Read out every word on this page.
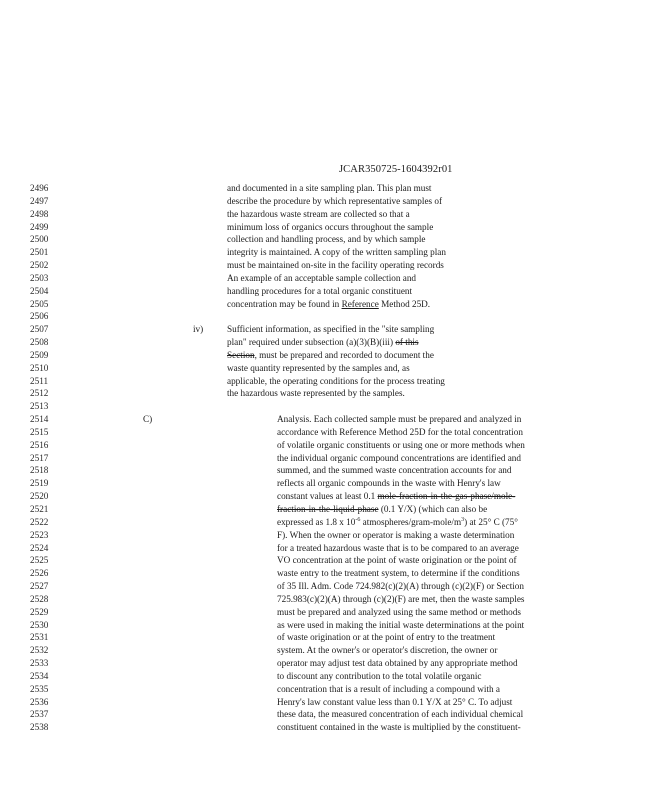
JCAR350725-1604392r01
2496	and documented in a site sampling plan. This plan must
2497	describe the procedure by which representative samples of
2498	the hazardous waste stream are collected so that a
2499	minimum loss of organics occurs throughout the sample
2500	collection and handling process, and by which sample
2501	integrity is maintained. A copy of the written sampling plan
2502	must be maintained on-site in the facility operating records
2503	An example of an acceptable sample collection and
2504	handling procedures for a total organic constituent
2505	concentration may be found in Reference Method 25D.
2506
2507	iv)	Sufficient information, as specified in the "site sampling
2508	plan" required under subsection (a)(3)(B)(iii) of this
2509	Section, must be prepared and recorded to document the
2510	waste quantity represented by the samples and, as
2511	applicable, the operating conditions for the process treating
2512	the hazardous waste represented by the samples.
2513
2514	C)	Analysis. Each collected sample must be prepared and analyzed in
2515	accordance with Reference Method 25D for the total concentration
2516	of volatile organic constituents or using one or more methods when
2517	the individual organic compound concentrations are identified and
2518	summed, and the summed waste concentration accounts for and
2519	reflects all organic compounds in the waste with Henry's law
2520	constant values at least 0.1 mole-fraction-in-the-gas-phase/mole-
2521	fraction-in-the-liquid-phase (0.1 Y/X) (which can also be
2522	expressed as 1.8 x $10^{-6}$ atmospheres/$gram-mole/m^3$) at 25° C (75°
2523	F). When the owner or operator is making a waste determination
2524	for a treated hazardous waste that is to be compared to an average
2525	VO concentration at the point of waste origination or the point of
2526	waste entry to the treatment system, to determine if the conditions
2527	of 35 Ill. Adm. Code 724.982(c)(2)(A) through (c)(2)(F) or Section
2528	725.983(c)(2)(A) through (c)(2)(F) are met, then the waste samples
2529	must be prepared and analyzed using the same method or methods
2530	as were used in making the initial waste determinations at the point
2531	of waste origination or at the point of entry to the treatment
2532	system. At the owner's or operator's discretion, the owner or
2533	operator may adjust test data obtained by any appropriate method
2534	to discount any contribution to the total volatile organic
2535	concentration that is a result of including a compound with a
2536	Henry's law constant value less than 0.1 Y/X at 25° C. To adjust
2537	these data, the measured concentration of each individual chemical
2538	constituent contained in the waste is multiplied by the constituent-
